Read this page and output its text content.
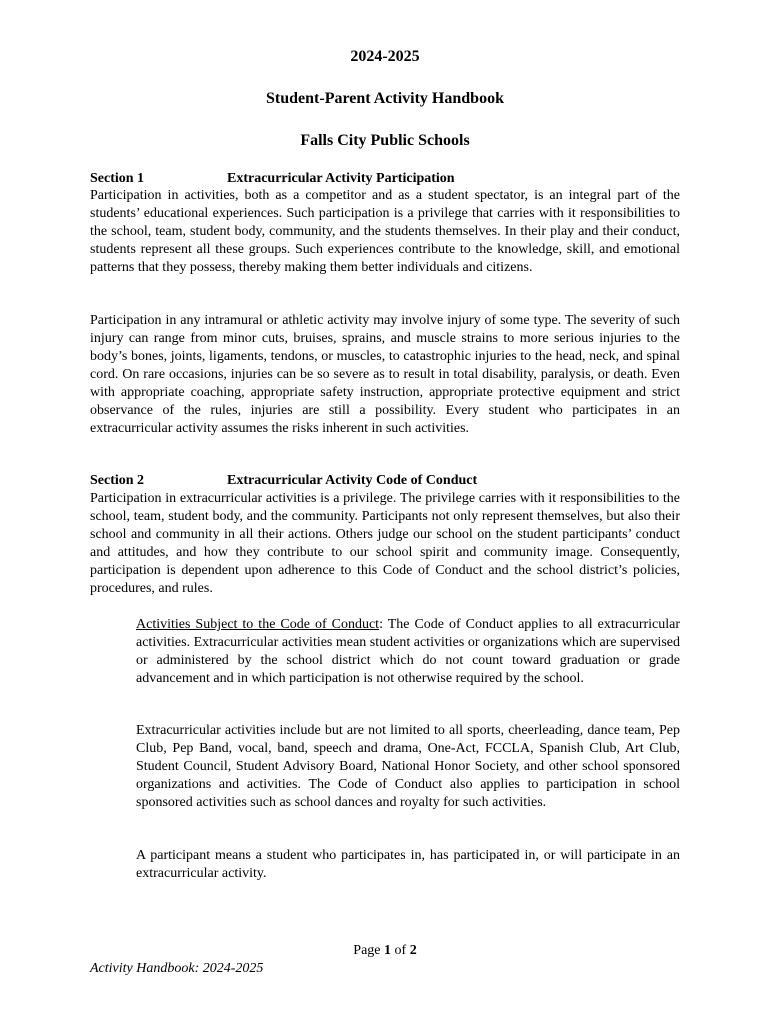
2024-2025
Student-Parent Activity Handbook
Falls City Public Schools
Section 1	Extracurricular Activity Participation

Participation in activities, both as a competitor and as a student spectator, is an integral part of the students’ educational experiences. Such participation is a privilege that carries with it responsibilities to the school, team, student body, community, and the students themselves. In their play and their conduct, students represent all these groups. Such experiences contribute to the knowledge, skill, and emotional patterns that they possess, thereby making them better individuals and citizens.

Participation in any intramural or athletic activity may involve injury of some type. The severity of such injury can range from minor cuts, bruises, sprains, and muscle strains to more serious injuries to the body’s bones, joints, ligaments, tendons, or muscles, to catastrophic injuries to the head, neck, and spinal cord. On rare occasions, injuries can be so severe as to result in total disability, paralysis, or death. Even with appropriate coaching, appropriate safety instruction, appropriate protective equipment and strict observance of the rules, injuries are still a possibility. Every student who participates in an extracurricular activity assumes the risks inherent in such activities.

Section 2	Extracurricular Activity Code of Conduct

Participation in extracurricular activities is a privilege. The privilege carries with it responsibilities to the school, team, student body, and the community. Participants not only represent themselves, but also their school and community in all their actions. Others judge our school on the student participants’ conduct and attitudes, and how they contribute to our school spirit and community image. Consequently, participation is dependent upon adherence to this Code of Conduct and the school district’s policies, procedures, and rules.

Activities Subject to the Code of Conduct: The Code of Conduct applies to all extracurricular activities. Extracurricular activities mean student activities or organizations which are supervised or administered by the school district which do not count toward graduation or grade advancement and in which participation is not otherwise required by the school.

Extracurricular activities include but are not limited to all sports, cheerleading, dance team, Pep Club, Pep Band, vocal, band, speech and drama, One-Act, FCCLA, Spanish Club, Art Club, Student Council, Student Advisory Board, National Honor Society, and other school sponsored organizations and activities. The Code of Conduct also applies to participation in school sponsored activities such as school dances and royalty for such activities.

A participant means a student who participates in, has participated in, or will participate in an extracurricular activity.

Page 1 of 2
Activity Handbook: 2024-2025
